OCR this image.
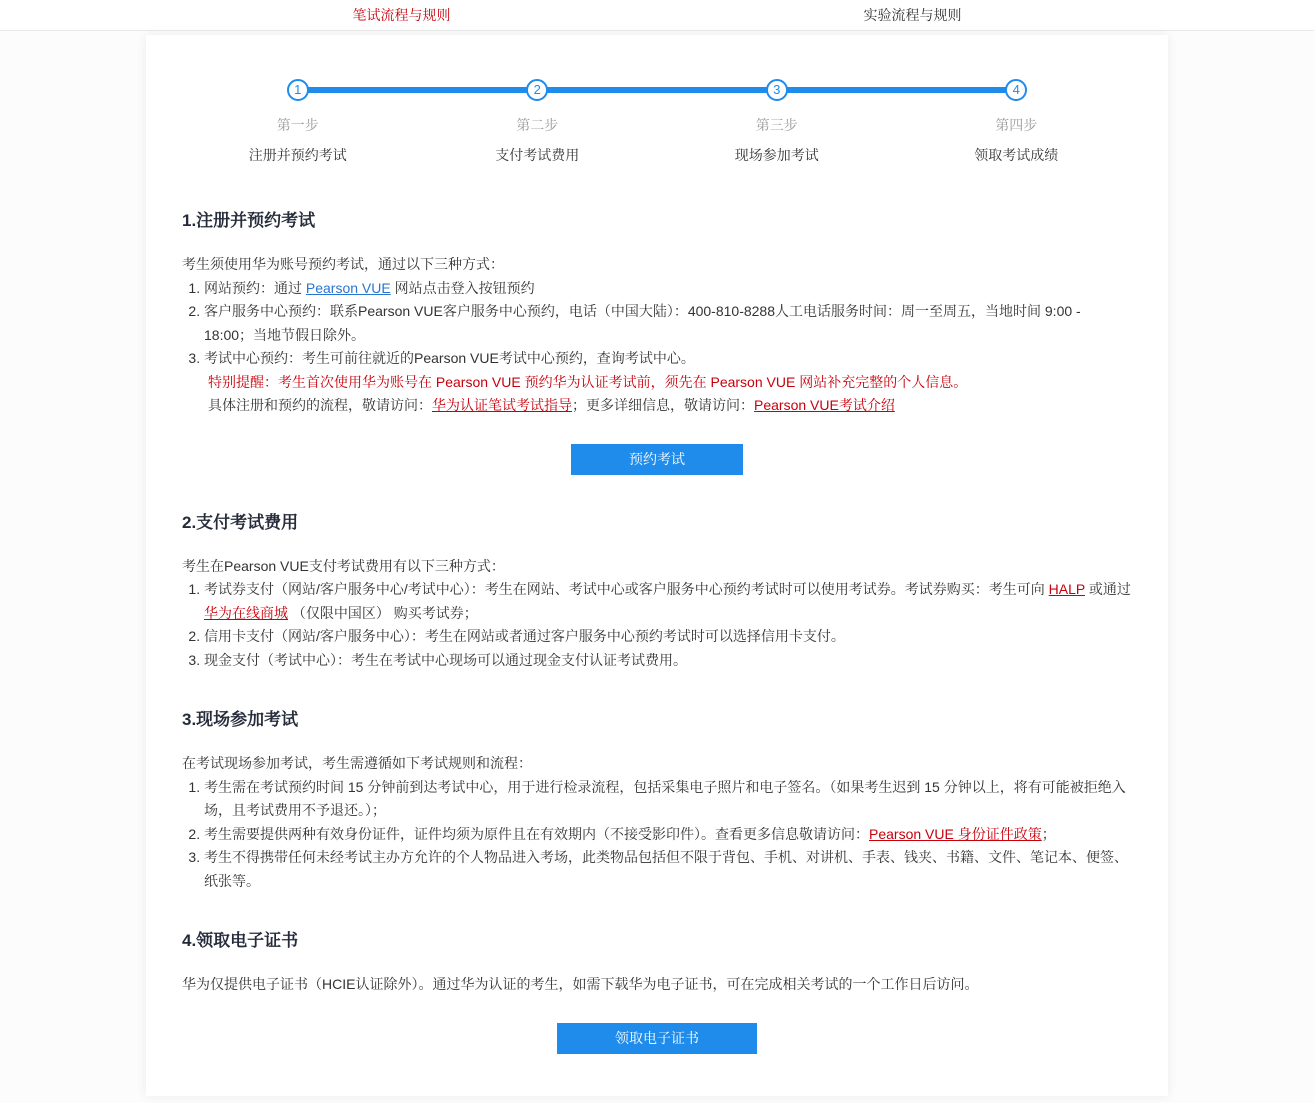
笔试流程与规则	实验流程与规则
1	2	3	4
第一步	第二步	第三步	第四步
注册并预约考试	支付考试费用	现场参加考试	领取考试成绩
1.注册并预约考试

考生须使用华为账号预约考试，通过以下三种方式：

1. 网站预约：通过 Pearson VUE 网站点击登入按钮预约
2. 客户服务中心预约：联系Pearson VUE客户服务中心预约，电话（中国大陆）：400-810-8288人工电话服务时间：周一至周五，当地时间 9:00 - 18:00；当地节假日除外。
3. 考试中心预约：考生可前往就近的Pearson VUE考试中心预约，查询考试中心。

特别提醒：考生首次使用华为账号在 Pearson VUE 预约华为认证考试前，须先在 Pearson VUE 网站补充完整的个人信息。

具体注册和预约的流程，敬请访问：华为认证笔试考试指导；更多详细信息，敬请访问：Pearson VUE考试介绍

预约考试
2.支付考试费用

考生在Pearson VUE支付考试费用有以下三种方式：

1. 考试券支付（网站/客户服务中心/考试中心）：考生在网站、考试中心或客户服务中心预约考试时可以使用考试券。考试券购买：考生可向 HALP 或通过 华为在线商城 （仅限中国区） 购买考试券；
2. 信用卡支付（网站/客户服务中心）：考生在网站或者通过客户服务中心预约考试时可以选择信用卡支付。
3. 现金支付（考试中心）：考生在考试中心现场可以通过现金支付认证考试费用。
3.现场参加考试

在考试现场参加考试，考生需遵循如下考试规则和流程：

1. 考生需在考试预约时间 15 分钟前到达考试中心，用于进行检录流程，包括采集电子照片和电子签名。（如果考生迟到 15 分钟以上，将有可能被拒绝入场，且考试费用不予退还。）；
2. 考生需要提供两种有效身份证件，证件均须为原件且在有效期内（不接受影印件）。查看更多信息敬请访问：Pearson VUE 身份证件政策；
3. 考生不得携带任何未经考试主办方允许的个人物品进入考场，此类物品包括但不限于背包、手机、对讲机、手表、钱夹、书籍、文件、笔记本、便签、纸张等。
4.领取电子证书

华为仅提供电子证书（HCIE认证除外）。通过华为认证的考生，如需下载华为电子证书，可在完成相关考试的一个工作日后访问。

领取电子证书
